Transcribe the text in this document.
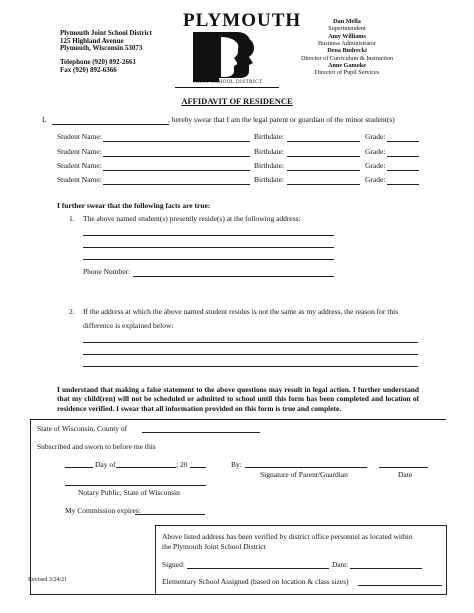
Plymouth Joint School District
125 Highland Avenue
Plymouth, Wisconsin 53073
Telephone (920) 892-2661
Fax (920) 892-6366
PLYMOUTH
JOINT SCHOOL DISTRICT
Dan Mella
Superintendent
Amy Williams
Business Administrator
Dena Budrecki
Director of Curriculum & Instruction
Anne Gamoke
Director of Pupil Services
AFFIDAVIT OF RESIDENCE
I,	, hereby swear that I am the legal parent or guardian of the minor student(s)
Student Name:	Birthdate:	Grade:
Student Name:	Birthdate:	Grade:
Student Name:	Birthdate:	Grade:
Student Name:	Birthdate:	Grade:
I further swear that the following facts are true:
1. The above named student(s) presently reside(s) at the following address:
Phone Number:
2. If the address at which the above named student resides is not the same as my address, the reason for this
difference is explained below:
I understand that making a false statement to the above questions may result in legal action. I further understand that my child(ren) will not be scheduled or admitted to school until this form has been completed and location of residence verified. I swear that all information provided on this form is true and complete.
State of Wisconsin, County of
Subscribed and sworn to before me this
Day of	; 20	By:
Signature of Parent/Guardian	Date
Notary Public, State of Wisconsin
My Commission expires:
Above listed address has been verified by district office personnel as located within
the Plymouth Joint School District
Signed:	Date:
Elementary School Assigned (based on location & class sizes)
Revised 3/24/21
